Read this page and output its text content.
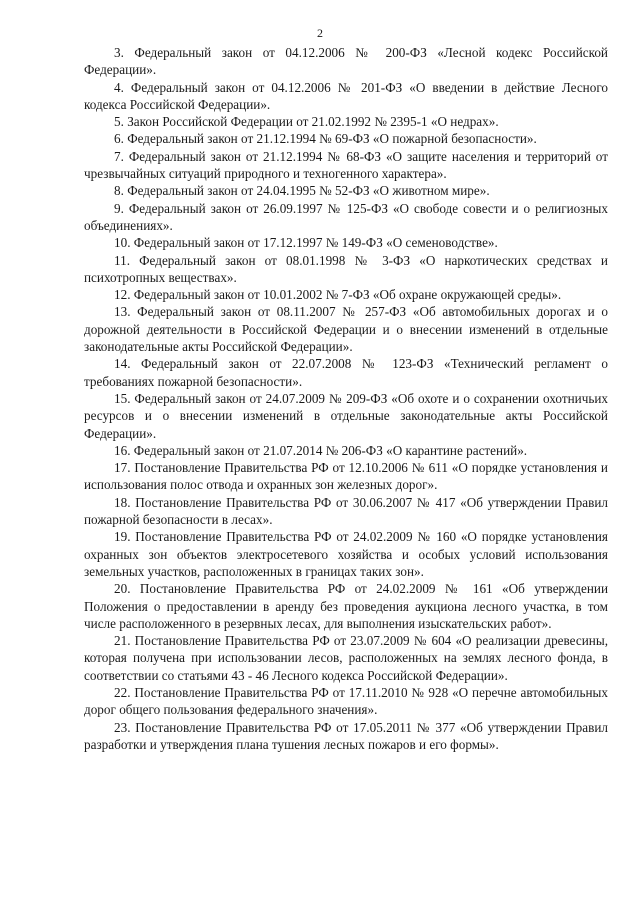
2

3. Федеральный закон от 04.12.2006 № 200-ФЗ «Лесной кодекс Российской Федерации».

4. Федеральный закон от 04.12.2006 № 201-ФЗ «О введении в действие Лесного кодекса Российской Федерации».

5. Закон Российской Федерации от 21.02.1992 № 2395-1 «О недрах».

6. Федеральный закон от 21.12.1994 № 69-ФЗ «О пожарной безопасности».

7. Федеральный закон от 21.12.1994 № 68-ФЗ «О защите населения и территорий от чрезвычайных ситуаций природного и техногенного характера».

8. Федеральный закон от 24.04.1995 № 52-ФЗ «О животном мире».

9. Федеральный закон от 26.09.1997 № 125-ФЗ «О свободе совести и о религиозных объединениях».

10. Федеральный закон от 17.12.1997 № 149-ФЗ «О семеноводстве».

11. Федеральный закон от 08.01.1998 № 3-ФЗ «О наркотических средствах и психотропных веществах».

12. Федеральный закон от 10.01.2002 № 7-ФЗ «Об охране окружающей среды».

13. Федеральный закон от 08.11.2007 № 257-ФЗ «Об автомобильных дорогах и о дорожной деятельности в Российской Федерации и о внесении изменений в отдельные законодательные акты Российской Федерации».

14. Федеральный закон от 22.07.2008 № 123-ФЗ «Технический регламент о требованиях пожарной безопасности».

15. Федеральный закон от 24.07.2009 № 209-ФЗ «Об охоте и о сохранении охотничьих ресурсов и о внесении изменений в отдельные законодательные акты Российской Федерации».

16. Федеральный закон от 21.07.2014 № 206-ФЗ «О карантине растений».

17. Постановление Правительства РФ от 12.10.2006 № 611 «О порядке установления и использования полос отвода и охранных зон железных дорог».

18. Постановление Правительства РФ от 30.06.2007 № 417 «Об утверждении Правил пожарной безопасности в лесах».

19. Постановление Правительства РФ от 24.02.2009 № 160 «О порядке установления охранных зон объектов электросетевого хозяйства и особых условий использования земельных участков, расположенных в границах таких зон».

20. Постановление Правительства РФ от 24.02.2009 № 161 «Об утверждении Положения о предоставлении в аренду без проведения аукциона лесного участка, в том числе расположенного в резервных лесах, для выполнения изыскательских работ».

21. Постановление Правительства РФ от 23.07.2009 № 604 «О реализации древесины, которая получена при использовании лесов, расположенных на землях лесного фонда, в соответствии со статьями 43 - 46 Лесного кодекса Российской Федерации».

22. Постановление Правительства РФ от 17.11.2010 № 928 «О перечне автомобильных дорог общего пользования федерального значения».

23. Постановление Правительства РФ от 17.05.2011 № 377 «Об утверждении Правил разработки и утверждения плана тушения лесных пожаров и его формы».
